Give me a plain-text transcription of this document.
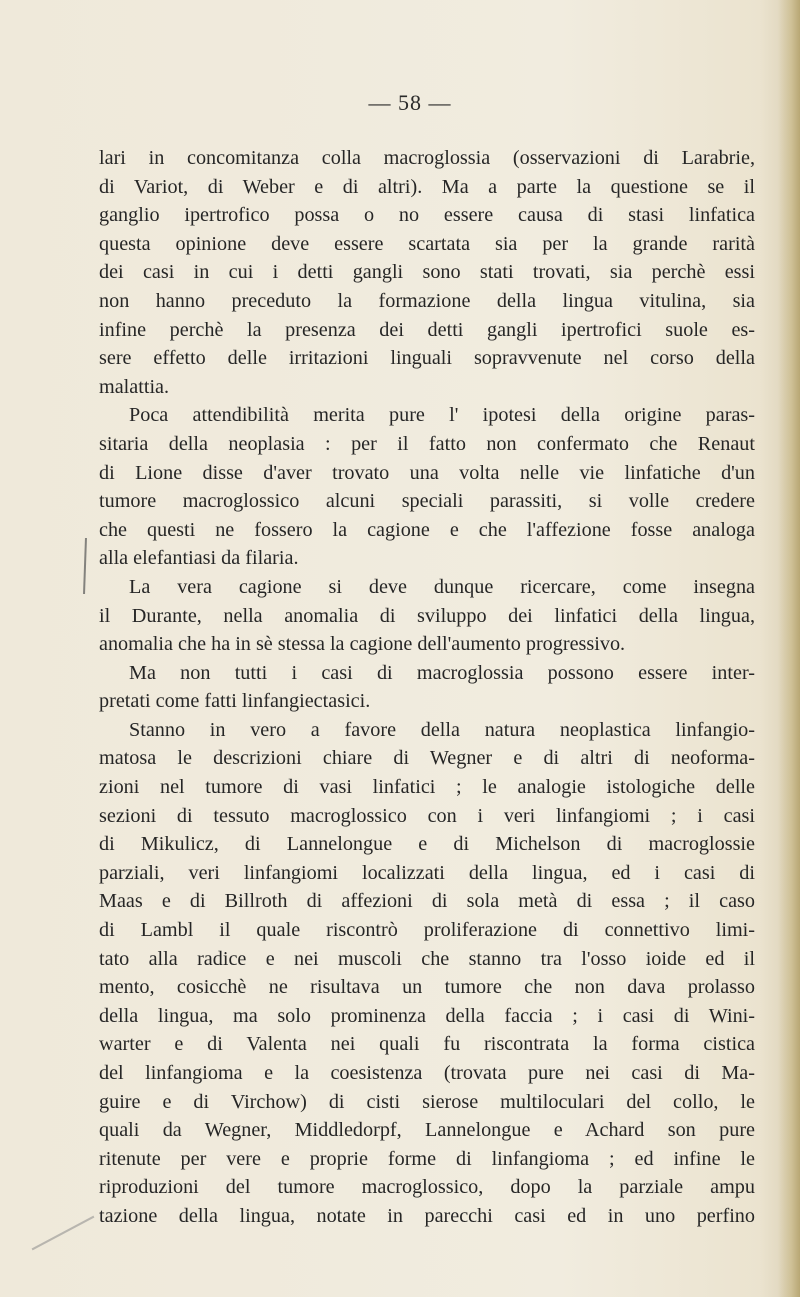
— 58 —
lari in concomitanza colla macroglossia (osservazioni di Larabrie,
di Variot, di Weber e di altri). Ma a parte la questione se il
ganglio ipertrofico possa o no essere causa di stasi linfatica
questa opinione deve essere scartata sia per la grande rarità
dei casi in cui i detti gangli sono stati trovati, sia perchè essi
non hanno preceduto la formazione della lingua vitulina, sia
infine perchè la presenza dei detti gangli ipertrofici suole es-
sere effetto delle irritazioni linguali sopravvenute nel corso della
malattia.
Poca attendibilità merita pure l' ipotesi della origine paras-
sitaria della neoplasia : per il fatto non confermato che Renaut
di Lione disse d'aver trovato una volta nelle vie linfatiche d'un
tumore macroglossico alcuni speciali parassiti, si volle credere
che questi ne fossero la cagione e che l'affezione fosse analoga
alla elefantiasi da filaria.
La vera cagione si deve dunque ricercare, come insegna
il Durante, nella anomalia di sviluppo dei linfatici della lingua,
anomalia che ha in sè stessa la cagione dell'aumento progressivo.
Ma non tutti i casi di macroglossia possono essere inter-
pretati come fatti linfangiectasici.
Stanno in vero a favore della natura neoplastica linfangio-
matosa le descrizioni chiare di Wegner e di altri di neoforma-
zioni nel tumore di vasi linfatici ; le analogie istologiche delle
sezioni di tessuto macroglossico con i veri linfangiomi ; i casi
di Mikulicz, di Lannelongue e di Michelson di macroglossie
parziali, veri linfangiomi localizzati della lingua, ed i casi di
Maas e di Billroth di affezioni di sola metà di essa ; il caso
di Lambl il quale riscontrò proliferazione di connettivo limi-
tato alla radice e nei muscoli che stanno tra l'osso ioide ed il
mento, cosicchè ne risultava un tumore che non dava prolasso
della lingua, ma solo prominenza della faccia ; i casi di Wini-
warter e di Valenta nei quali fu riscontrata la forma cistica
del linfangioma e la coesistenza (trovata pure nei casi di Ma-
guire e di Virchow) di cisti sierose multiloculari del collo, le
quali da Wegner, Middledorpf, Lannelongue e Achard son pure
ritenute per vere e proprie forme di linfangioma ; ed infine le
riproduzioni del tumore macroglossico, dopo la parziale ampu
tazione della lingua, notate in parecchi casi ed in uno perfino
